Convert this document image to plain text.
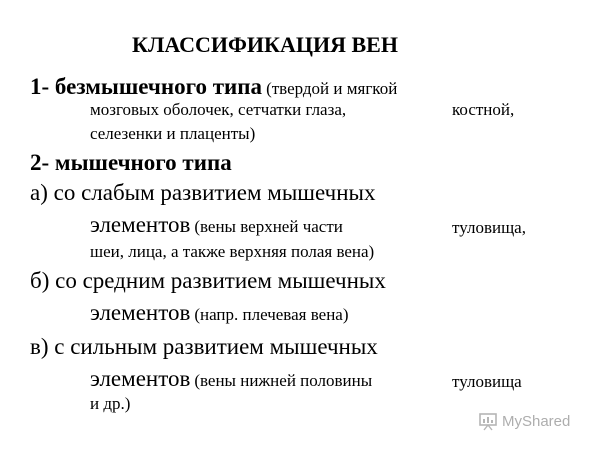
КЛАССИФИКАЦИЯ ВЕН
1- безмышечного типа (твердой и мягкой
мозговых оболочек, сетчатки глаза,	костной,
селезенки и плаценты)
2- мышечного типа
а) со слабым развитием мышечных
элементов (вены верхней части	туловища,
шеи, лица, а также верхняя полая вена)
б) со средним развитием мышечных
элементов (напр. плечевая вена)
в) с сильным развитием мышечных
элементов (вены нижней половины	туловища
и др.)
MyShared
